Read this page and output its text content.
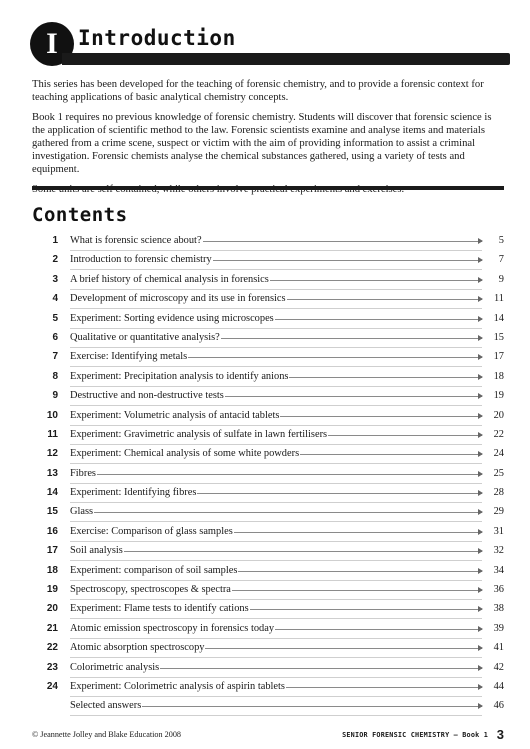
I Introduction

This series has been developed for the teaching of forensic chemistry, and to provide a forensic context for teaching applications of basic analytical chemistry concepts.

Book 1 requires no previous knowledge of forensic chemistry. Students will discover that forensic science is the application of scientific method to the law. Forensic scientists examine and analyse items and materials gathered from a crime scene, suspect or victim with the aim of providing information to assist a criminal investigation. Forensic chemists analyse the chemical substances gathered, using a variety of tests and equipment.

Contents
1 What is forensic science about?	5
2 Introduction to forensic chemistry	7
3 A brief history of chemical analysis in forensics	9
4 Development of microscopy and its use in forensics	11
5 Experiment: Sorting evidence using microscopes	14
6 Qualitative or quantitative analysis?	15
7 Exercise: Identifying metals	17
8 Experiment: Precipitation analysis to identify anions	18
9 Destructive and non-destructive tests	19
10 Experiment: Volumetric analysis of antacid tablets	20
11 Experiment: Gravimetric analysis of sulfate in lawn fertilisers	22
12 Experiment: Chemical analysis of some white powders	24
13 Fibres	25
14 Experiment: Identifying fibres	28
15 Glass	29
16 Exercise: Comparison of glass samples	31
17 Soil analysis	32
18 Experiment: comparison of soil samples	34
19 Spectroscopy, spectroscopes & spectra	36
20 Experiment: Flame tests to identify cations	38
21 Atomic emission spectroscopy in forensics today	39
22 Atomic absorption spectroscopy	41
23 Colorimetric analysis	42
24 Experiment: Colorimetric analysis of aspirin tablets	44
Selected answers	46
© Jeannette Jolley and Blake Education 2008	SENIOR FORENSIC CHEMISTRY – Book 1 3
